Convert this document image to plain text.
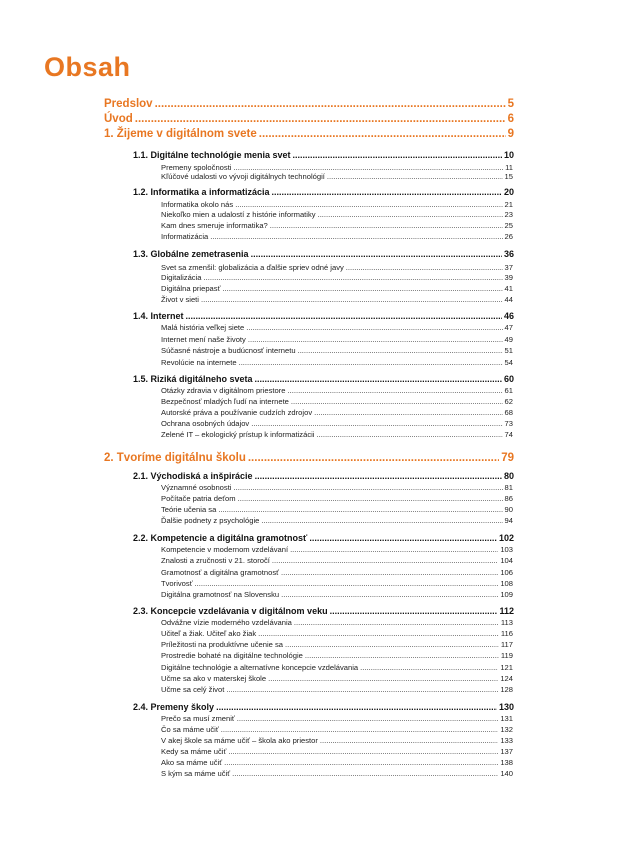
Obsah
Predslov .....	5
Úvod .....	6
1. Žijeme v digitálnom svete .....	9
1.1. Digitálne technológie menia svet .....	10
Premeny spoločnosti .....	11
Kľúčové udalosti vo vývoji digitálnych technológií .....	15
1.2. Informatika a informatizácia .....	20
Informatika okolo nás .....	21
Niekoľko mien a udalostí z histórie informatiky .....	23
Kam dnes smeruje informatika? .....	25
Informatizácia .....	26
1.3. Globálne zemetrasenia .....	36
Svet sa zmenšil: globalizácia a ďalšie spriev odné javy .....	37
Digitalizácia .....	39
Digitálna priepasť .....	41
Život v sieti .....	44
1.4. Internet .....	46
Malá história veľkej siete .....	47
Internet mení naše životy .....	49
Súčasné nástroje a budúcnosť internetu .....	51
Revolúcie na internete .....	54
1.5. Riziká digitálneho sveta .....	60
Otázky zdravia v digitálnom priestore .....	61
Bezpečnosť mladých ľudí na internete .....	62
Autorské práva a používanie cudzích zdrojov .....	68
Ochrana osobných údajov .....	73
Zelené IT – ekologický prístup k informatizácii .....	74
2. Tvoríme digitálnu školu .....	79
2.1. Východiská a inšpirácie .....	80
Významné osobnosti .....	81
Počítače patria deťom .....	86
Teórie učenia sa .....	90
Ďalšie podnety z psychológie .....	94
2.2. Kompetencie a digitálna gramotnosť .....	102
Kompetencie v modernom vzdelávaní .....	103
Znalosti a zručnosti v 21. storočí .....	104
Gramotnosť a digitálna gramotnosť .....	106
Tvorivosť .....	108
Digitálna gramotnosť na Slovensku .....	109
2.3. Koncepcie vzdelávania v digitálnom veku .....	112
Odvážne vízie moderného vzdelávania .....	113
Učiteľ a žiak. Učiteľ ako žiak .....	116
Príležitosti na produktívne učenie sa .....	117
Prostredie bohaté na digitálne technológie .....	119
Digitálne technológie a alternatívne koncepcie vzdelávania .....	121
Učme sa ako v materskej škole .....	124
Učme sa celý život .....	128
2.4. Premeny školy .....	130
Prečo sa musí zmeniť .....	131
Čo sa máme učiť .....	132
V akej škole sa máme učiť – škola ako priestor .....	133
Kedy sa máme učiť .....	137
Ako sa máme učiť .....	138
S kým sa máme učiť .....	140
